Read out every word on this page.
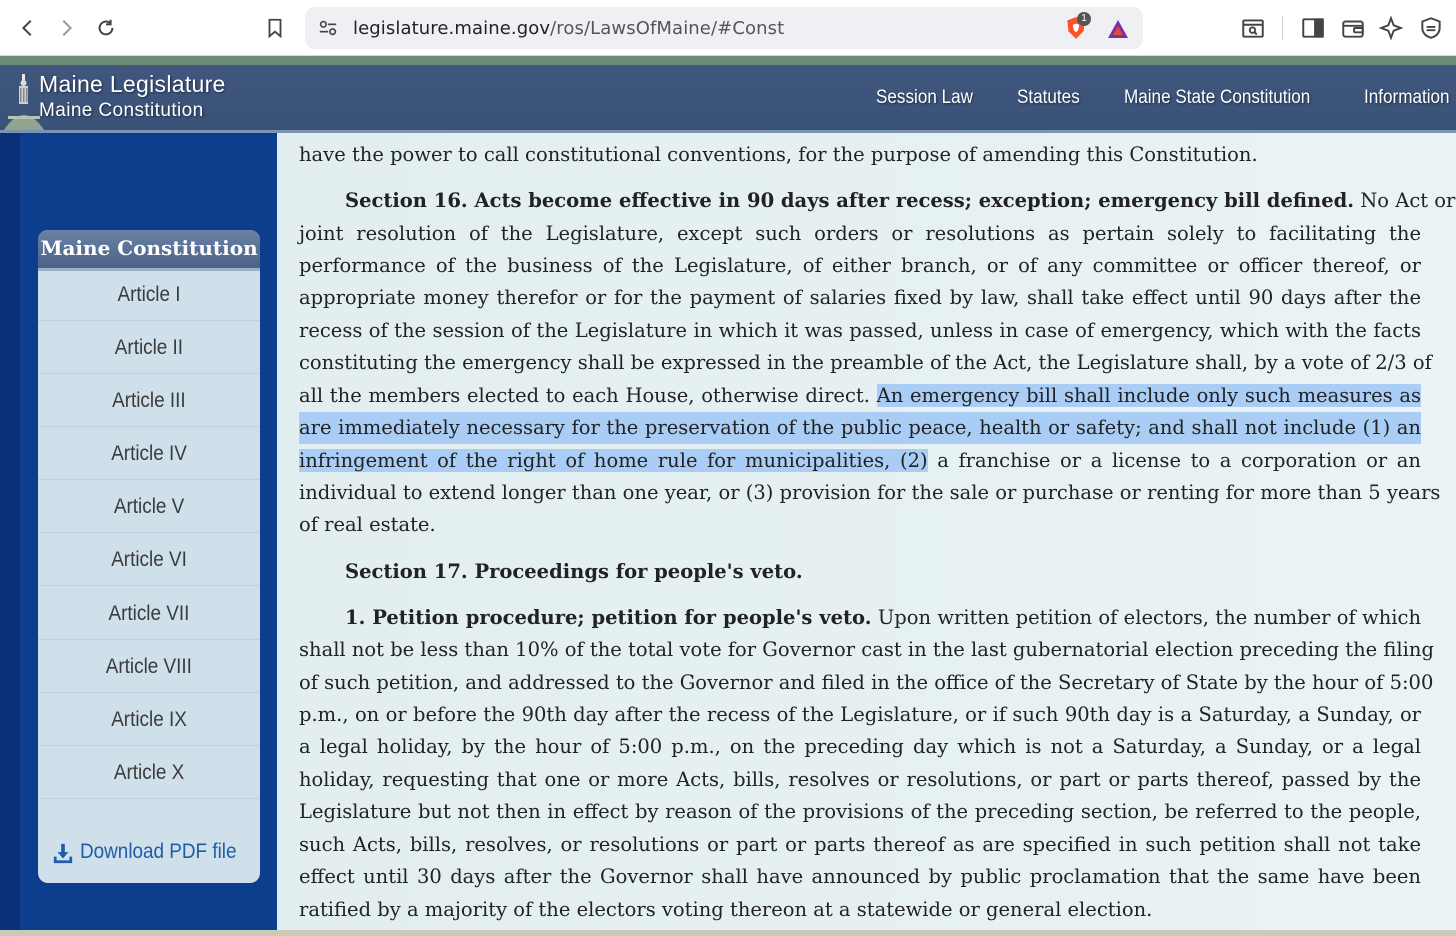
legislature.maine.gov/ros/LawsOfMaine/#Const	1
Maine Legislature
Maine Constitution
Session Law Statutes Maine State Constitution	Information
Maine Constitution
Article I
Article II
Article III
Article IV
Article V
Article VI
Article VII
Article VIII
Article IX
Article X
Download PDF file
have the power to call constitutional conventions, for the purpose of amending this Constitution.
Section 16. Acts become effective in 90 days after recess; exception; emergency bill defined. No Act or
joint resolution of the Legislature, except such orders or resolutions as pertain solely to facilitating the
performance of the business of the Legislature, of either branch, or of any committee or officer thereof, or
appropriate money therefor or for the payment of salaries fixed by law, shall take effect until 90 days after the
recess of the session of the Legislature in which it was passed, unless in case of emergency, which with the facts
constituting the emergency shall be expressed in the preamble of the Act, the Legislature shall, by a vote of 2/3 of
all the members elected to each House, otherwise direct. An emergency bill shall include only such measures as
are immediately necessary for the preservation of the public peace, health or safety; and shall not include (1) an
infringement of the right of home rule for municipalities, (2) a franchise or a license to a corporation or an
individual to extend longer than one year, or (3) provision for the sale or purchase or renting for more than 5 years
of real estate.
Section 17. Proceedings for people's veto.
1. Petition procedure; petition for people's veto. Upon written petition of electors, the number of which
shall not be less than 10% of the total vote for Governor cast in the last gubernatorial election preceding the filing
of such petition, and addressed to the Governor and filed in the office of the Secretary of State by the hour of 5:00
p.m., on or before the 90th day after the recess of the Legislature, or if such 90th day is a Saturday, a Sunday, or
a legal holiday, by the hour of 5:00 p.m., on the preceding day which is not a Saturday, a Sunday, or a legal
holiday, requesting that one or more Acts, bills, resolves or resolutions, or part or parts thereof, passed by the
Legislature but not then in effect by reason of the provisions of the preceding section, be referred to the people,
such Acts, bills, resolves, or resolutions or part or parts thereof as are specified in such petition shall not take
effect until 30 days after the Governor shall have announced by public proclamation that the same have been
ratified by a majority of the electors voting thereon at a statewide or general election.
